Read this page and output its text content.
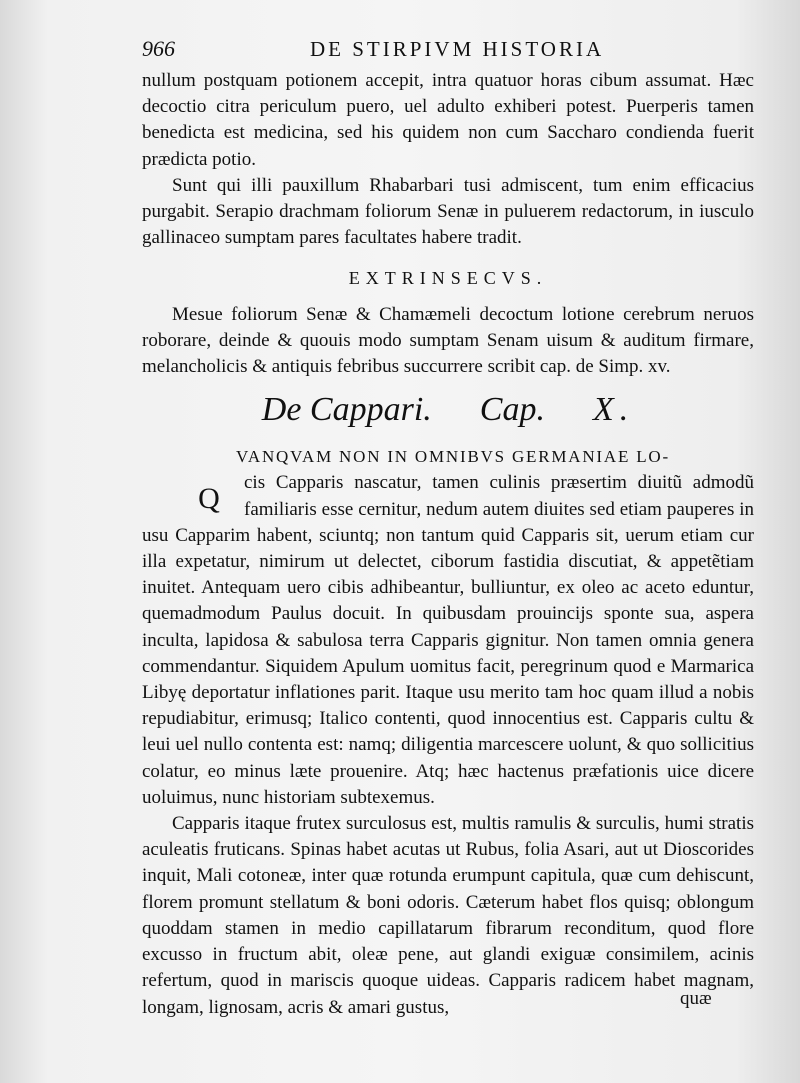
966	DE STIRPIVM HISTORIA

nullum postquam potionem accepit, intra quatuor horas cibum assumat. Hæc decoctio citra periculum puero, uel adulto exhiberi potest. Puerperis tamen benedicta est medicina, sed his quidem non cum Saccharo condienda fuerit prædicta potio.

Sunt qui illi pauxillum Rhabarbari tusi admiscent, tum enim efficacius purgabit. Serapio drachmam foliorum Senæ in puluerem redactorum, in iusculo gallinaceo sumptam pares facultates habere tradit.

EXTRINSECVS.

Mesue foliorum Senæ & Chamæmeli decoctum lotione cerebrum neruos roborare, deinde & quouis modo sumptam Senam uisum & auditum firmare, melancholicis & antiquis febribus succurrere scribit cap. de Simp. xv.

De Cappari. Cap. X.
VANQVAM NON IN OMNIBVS GERMANIAE LO-
Q	cis Capparis nascatur, tamen culinis præsertim diuitũ admodũ familiaris esse cernitur, nedum autem diuites sed etiam pauperes in usu Capparim habent, sciuntq; non tantum quid Capparis sit, uerum etiam cur illa expetatur, nimirum ut delectet, ciborum fastidia discutiat, & appetẽtiam inuitet. Antequam uero cibis adhibeantur, bulliuntur, ex oleo ac aceto eduntur, quemadmodum Paulus docuit. In quibusdam prouincijs sponte sua, aspera inculta, lapidosa & sabulosa terra Capparis gignitur. Non tamen omnia genera commendantur. Siquidem Apulum uomitus facit, peregrinum quod e Marmarica Libyę deportatur inflationes parit. Itaque usu merito tam hoc quam illud a nobis repudiabitur, erimusq; Italico contenti, quod innocentius est. Capparis cultu & leui uel nullo contenta est: namq; diligentia marcescere uolunt, & quo sollicitius colatur, eo minus læte prouenire. Atq; hæc hactenus præfationis uice dicere uoluimus, nunc historiam subtexemus.

Capparis itaque frutex surculosus est, multis ramulis & surculis, humi stratis aculeatis fruticans. Spinas habet acutas ut Rubus, folia Asari, aut ut Dioscorides inquit, Mali cotoneæ, inter quæ rotunda erumpunt capitula, quæ cum dehiscunt, florem promunt stellatum & boni odoris. Cæterum habet flos quisq; oblongum quoddam stamen in medio capillatarum fibrarum reconditum, quod flore excusso in fructum abit, oleæ pene, aut glandi exiguæ consimilem, acinis refertum, quod in mariscis quoque uideas. Capparis radicem habet magnam, longam, lignosam, acris & amari gustus,	quæ
